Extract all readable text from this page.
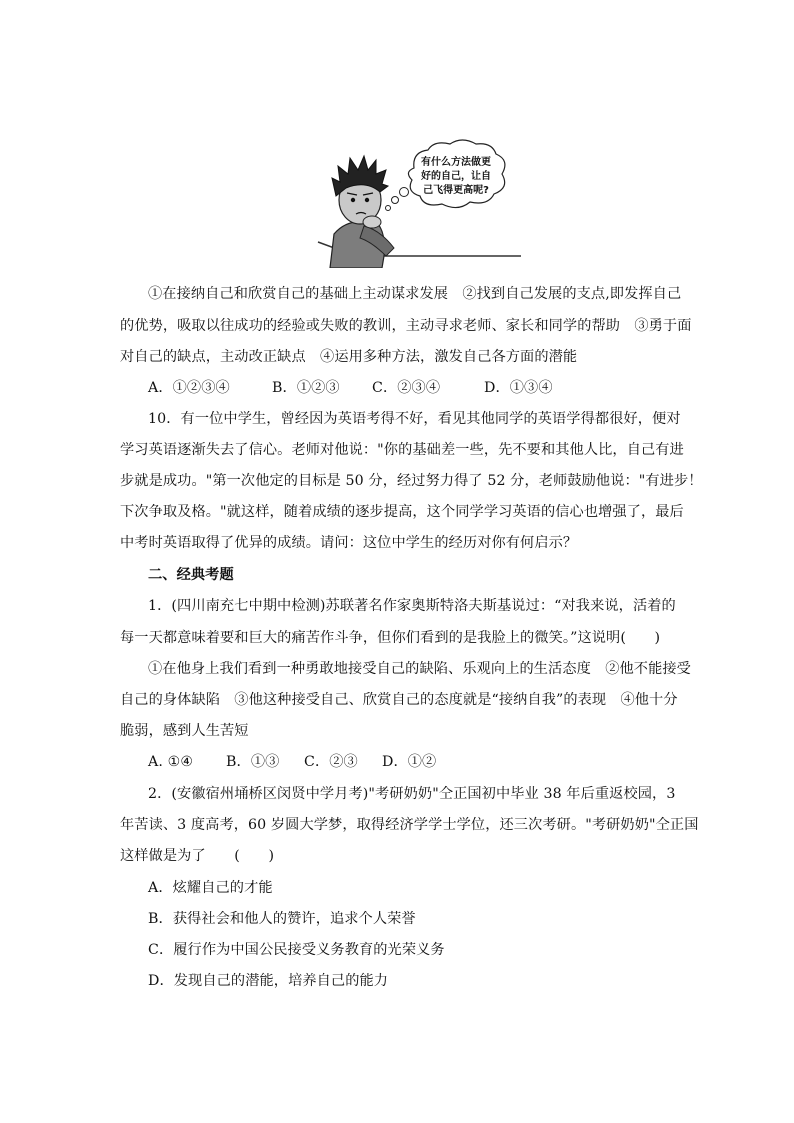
有什么方法做更
好的自己，让自
己飞得更高呢?
①在接纳自己和欣赏自己的基础上主动谋求发展　②找到自己发展的支点,即发挥自己
的优势，吸取以往成功的经验或失败的教训，主动寻求老师、家长和同学的帮助　③勇于面
对自己的缺点，主动改正缺点　④运用多种方法，激发自己各方面的潜能
A．①②③④	B．①②③ C．②③④	D．①③④
10．有一位中学生，曾经因为英语考得不好，看见其他同学的英语学得都很好，便对
学习英语逐渐失去了信心。老师对他说："你的基础差一些，先不要和其他人比，自己有进
步就是成功。"第一次他定的目标是 50 分，经过努力得了 52 分，老师鼓励他说："有进步！
下次争取及格。"就这样，随着成绩的逐步提高，这个同学学习英语的信心也增强了，最后
中考时英语取得了优异的成绩。请问：这位中学生的经历对你有何启示？
二、经典考题
1．(四川南充七中期中检测)苏联著名作家奥斯特洛夫斯基说过：“对我来说，活着的
每一天都意味着要和巨大的痛苦作斗争，但你们看到的是我脸上的微笑。”这说明(　　)
①在他身上我们看到一种勇敢地接受自己的缺陷、乐观向上的生活态度　②他不能接受
自己的身体缺陷　③他这种接受自己、欣赏自己的态度就是“接纳自我”的表现　④他十分
脆弱，感到人生苦短
A. ①④ B．①③ C．②③ D．①②
2．(安徽宿州埇桥区闵贤中学月考)"考研奶奶"仝正国初中毕业 38 年后重返校园，3
年苦读、3 度高考，60 岁圆大学梦，取得经济学学士学位，还三次考研。"考研奶奶"仝正国
这样做是为了　　(　　)
A．炫耀自己的才能
B．获得社会和他人的赞许，追求个人荣誉
C．履行作为中国公民接受义务教育的光荣义务
D．发现自己的潜能，培养自己的能力
